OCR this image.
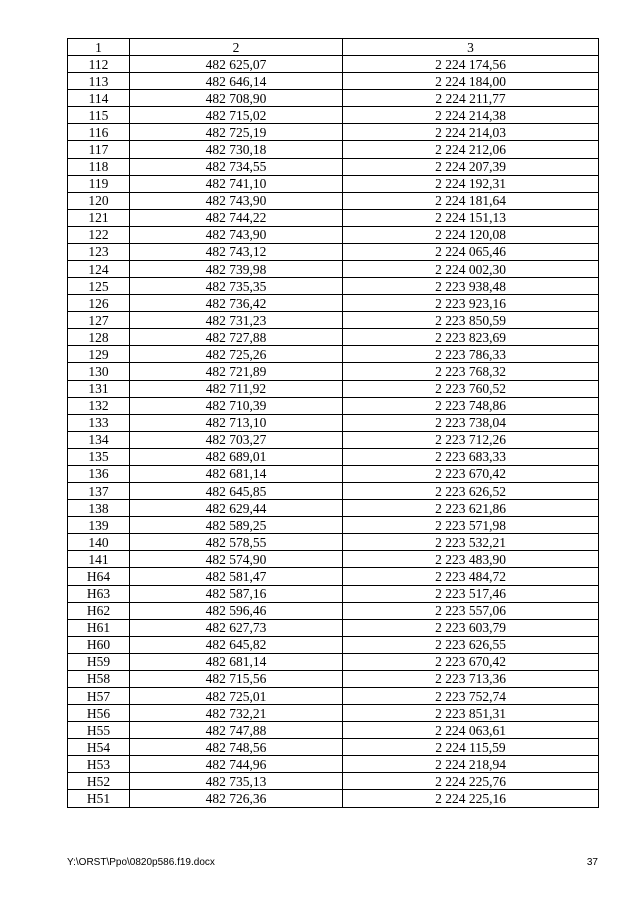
1	2	3
112	482 625,07	2 224 174,56
113	482 646,14	2 224 184,00
114	482 708,90	2 224 211,77
115	482 715,02	2 224 214,38
116	482 725,19	2 224 214,03
117	482 730,18	2 224 212,06
118	482 734,55	2 224 207,39
119	482 741,10	2 224 192,31
120	482 743,90	2 224 181,64
121	482 744,22	2 224 151,13
122	482 743,90	2 224 120,08
123	482 743,12	2 224 065,46
124	482 739,98	2 224 002,30
125	482 735,35	2 223 938,48
126	482 736,42	2 223 923,16
127	482 731,23	2 223 850,59
128	482 727,88	2 223 823,69
129	482 725,26	2 223 786,33
130	482 721,89	2 223 768,32
131	482 711,92	2 223 760,52
132	482 710,39	2 223 748,86
133	482 713,10	2 223 738,04
134	482 703,27	2 223 712,26
135	482 689,01	2 223 683,33
136	482 681,14	2 223 670,42
137	482 645,85	2 223 626,52
138	482 629,44	2 223 621,86
139	482 589,25	2 223 571,98
140	482 578,55	2 223 532,21
141	482 574,90	2 223 483,90
H64	482 581,47	2 223 484,72
H63	482 587,16	2 223 517,46
H62	482 596,46	2 223 557,06
H61	482 627,73	2 223 603,79
H60	482 645,82	2 223 626,55
H59	482 681,14	2 223 670,42
H58	482 715,56	2 223 713,36
H57	482 725,01	2 223 752,74
H56	482 732,21	2 223 851,31
H55	482 747,88	2 224 063,61
H54	482 748,56	2 224 115,59
H53	482 744,96	2 224 218,94
H52	482 735,13	2 224 225,76
H51	482 726,36	2 224 225,16
Y:\ORST\Ppo\0820p586.f19.docx	37
